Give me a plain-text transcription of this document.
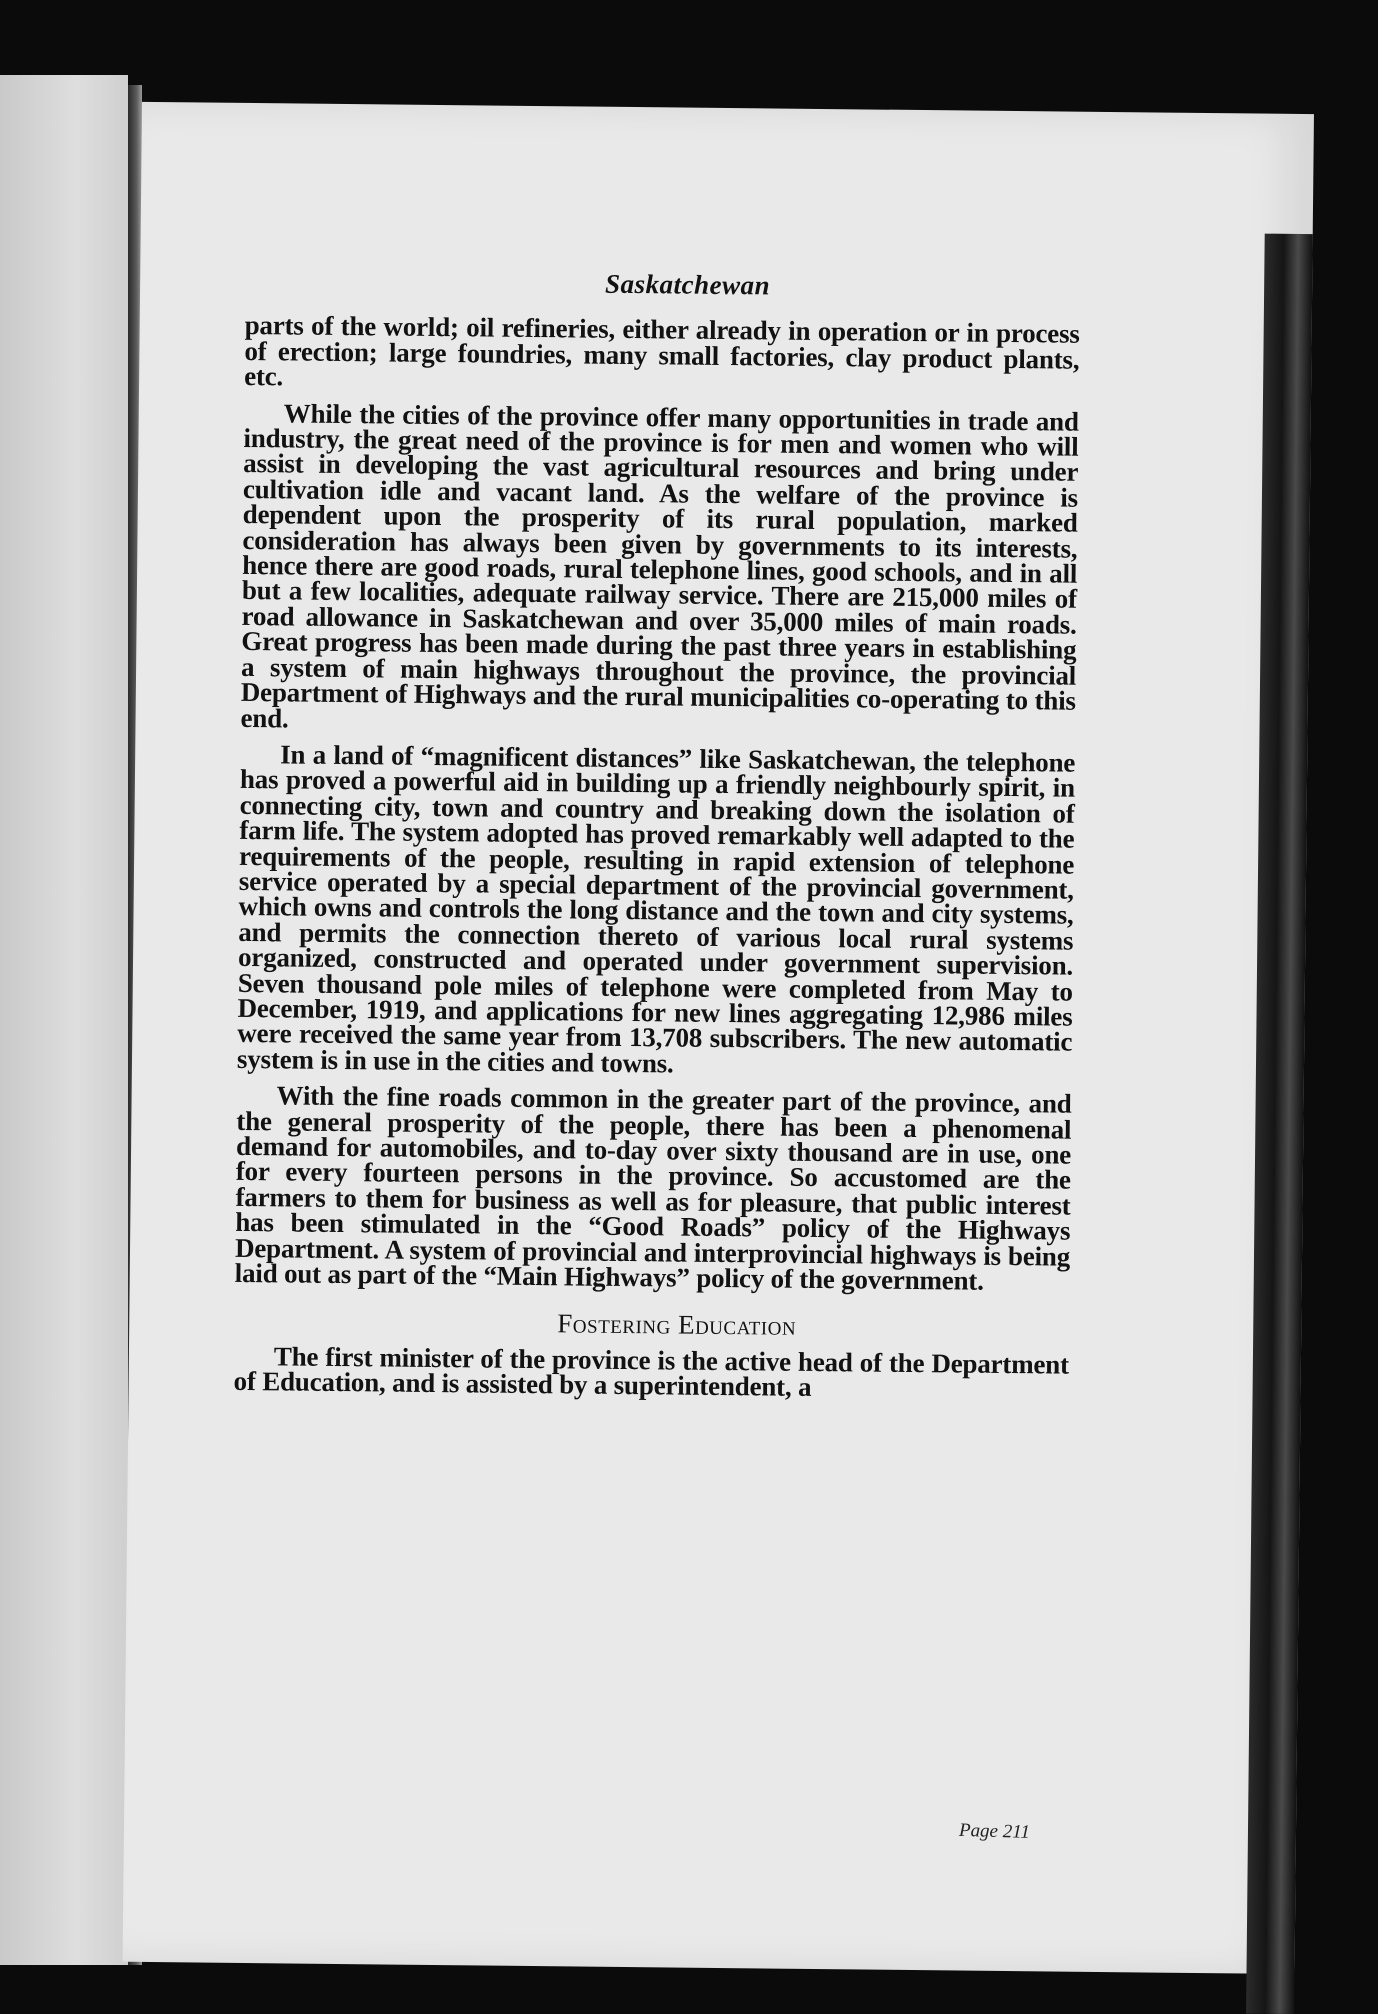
Saskatchewan

parts of the world; oil refineries, either already in operation or in process of erection; large foundries, many small factories, clay product plants, etc.

While the cities of the province offer many opportunities in trade and industry, the great need of the province is for men and women who will assist in developing the vast agricultural resources and bring under cultivation idle and vacant land. As the welfare of the province is dependent upon the prosperity of its rural population, marked consideration has always been given by governments to its interests, hence there are good roads, rural telephone lines, good schools, and in all but a few localities, adequate railway service. There are 215,000 miles of road allowance in Saskatchewan and over 35,000 miles of main roads. Great progress has been made during the past three years in establishing a system of main highways throughout the province, the provincial Department of Highways and the rural municipalities co-operating to this end.

In a land of “magnificent distances” like Saskatchewan, the telephone has proved a powerful aid in building up a friendly neighbourly spirit, in connecting city, town and country and breaking down the isolation of farm life. The system adopted has proved remarkably well adapted to the requirements of the people, resulting in rapid extension of telephone service operated by a special department of the provincial government, which owns and controls the long distance and the town and city systems, and permits the connection thereto of various local rural systems organized, constructed and operated under government supervision. Seven thousand pole miles of telephone were completed from May to December, 1919, and applications for new lines aggregating 12,986 miles were received the same year from 13,708 subscribers. The new automatic system is in use in the cities and towns.

With the fine roads common in the greater part of the province, and the general prosperity of the people, there has been a phenomenal demand for automobiles, and to-day over sixty thousand are in use, one for every fourteen persons in the province. So accustomed are the farmers to them for business as well as for pleasure, that public interest has been stimulated in the “Good Roads” policy of the Highways Department. A system of provincial and interprovincial highways is being laid out as part of the “Main Highways” policy of the government.

Fostering Education

The first minister of the province is the active head of the Department of Education, and is assisted by a superintendent, a

Page 211
